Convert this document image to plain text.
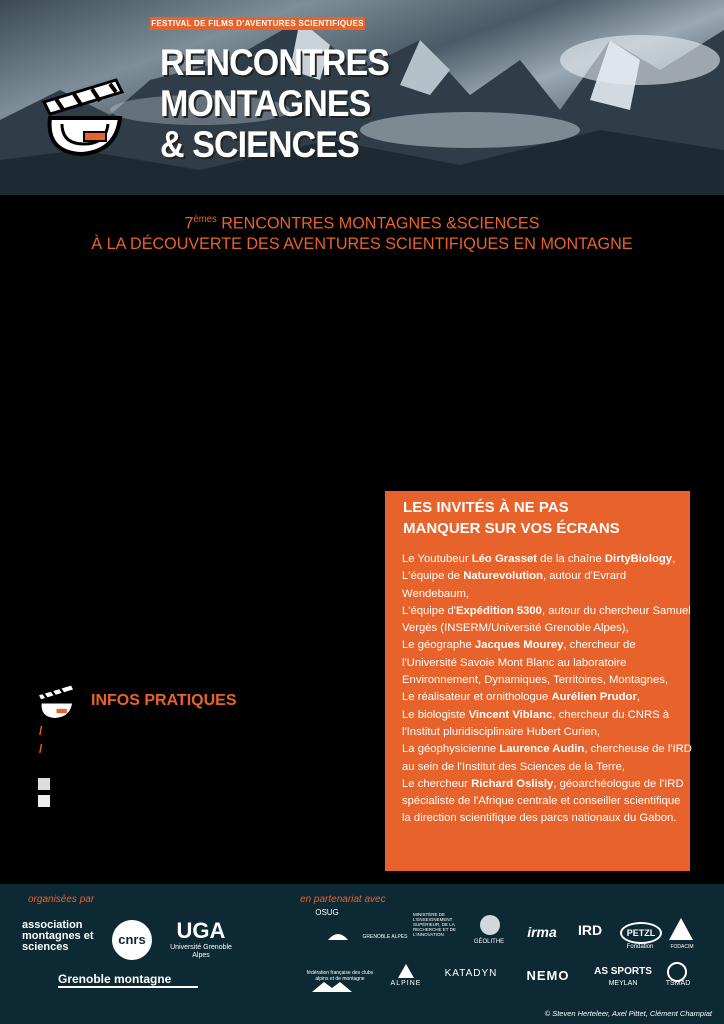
FESTIVAL DE FILMS D'AVENTURES SCIENTIFIQUES
RENCONTRES
MONTAGNES
& SCIENCES
7èmes RENCONTRES MONTAGNES &SCIENCES
À LA DÉCOUVERTE DES AVENTURES SCIENTIFIQUES EN MONTAGNE
LES INVITÉS À NE PAS
MANQUER SUR VOS ÉCRANS
Le Youtubeur Léo Grasset de la chaîne DirtyBiology,
L'équipe de Naturevolution, autour d'Evrard Wendebaum,
L'équipe d'Expédition 5300, autour du chercheur Samuel Vergès (INSERM/Université Grenoble Alpes),
Le géographe Jacques Mourey, chercheur de l'Université Savoie Mont Blanc au laboratoire Environnement, Dynamiques, Territoires, Montagnes,
Le réalisateur et ornithologue Aurélien Prudor,
Le biologiste Vincent Viblanc, chercheur du CNRS à l'Institut pluridisciplinaire Hubert Curien,
La géophysicienne Laurence Audin, chercheuse de l'IRD au sein de l'Institut des Sciences de la Terre,
Le chercheur Richard Oslisly, géoarchéologue de l'IRD spécialiste de l'Afrique centrale et conseiller scientifique la direction scientifique des parcs nationaux du Gabon.
INFOS PRATIQUES
/
/
organisées par	en partenariat avec
association montagnes et sciences	cnrs	UGA
Université Grenoble Alpes
Grenoble montagne
OSUG
GRENOBLE ALPES
MINISTÈRE DE L'ENSEIGNEMENT SUPÉRIEUR, DE LA RECHERCHE ET DE L'INNOVATION
GÉOLITHE
irma	IRD	PETZL
Fondation	FODACIM
fédération française des clubs alpins et de montagne
ALPINE
KATADYN	NEMO	AS SPORTS
MEYLAN	TSMAD
© Steven Herteleer, Axel Pittet, Clément Champiat
